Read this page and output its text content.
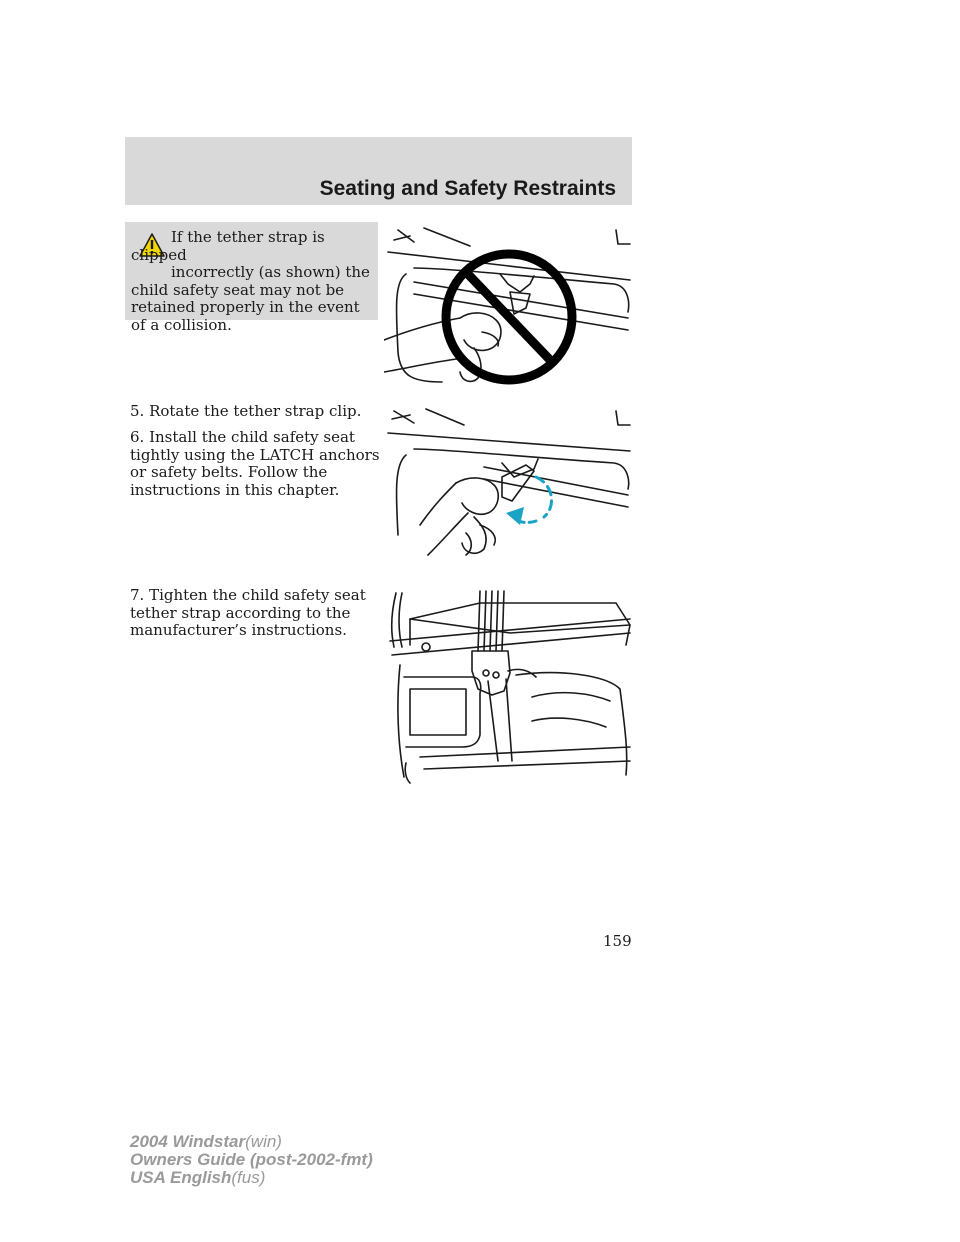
Seating and Safety Restraints

If the tether strap is clipped
incorrectly (as shown) the child safety seat may not be retained properly in the event of a collision.

5. Rotate the tether strap clip.

6. Install the child safety seat tightly using the LATCH anchors or safety belts. Follow the instructions in this chapter.

7. Tighten the child safety seat tether strap according to the manufacturer’s instructions.

159
2004 Windstar(win)
Owners Guide (post-2002-fmt)
USA English(fus)
